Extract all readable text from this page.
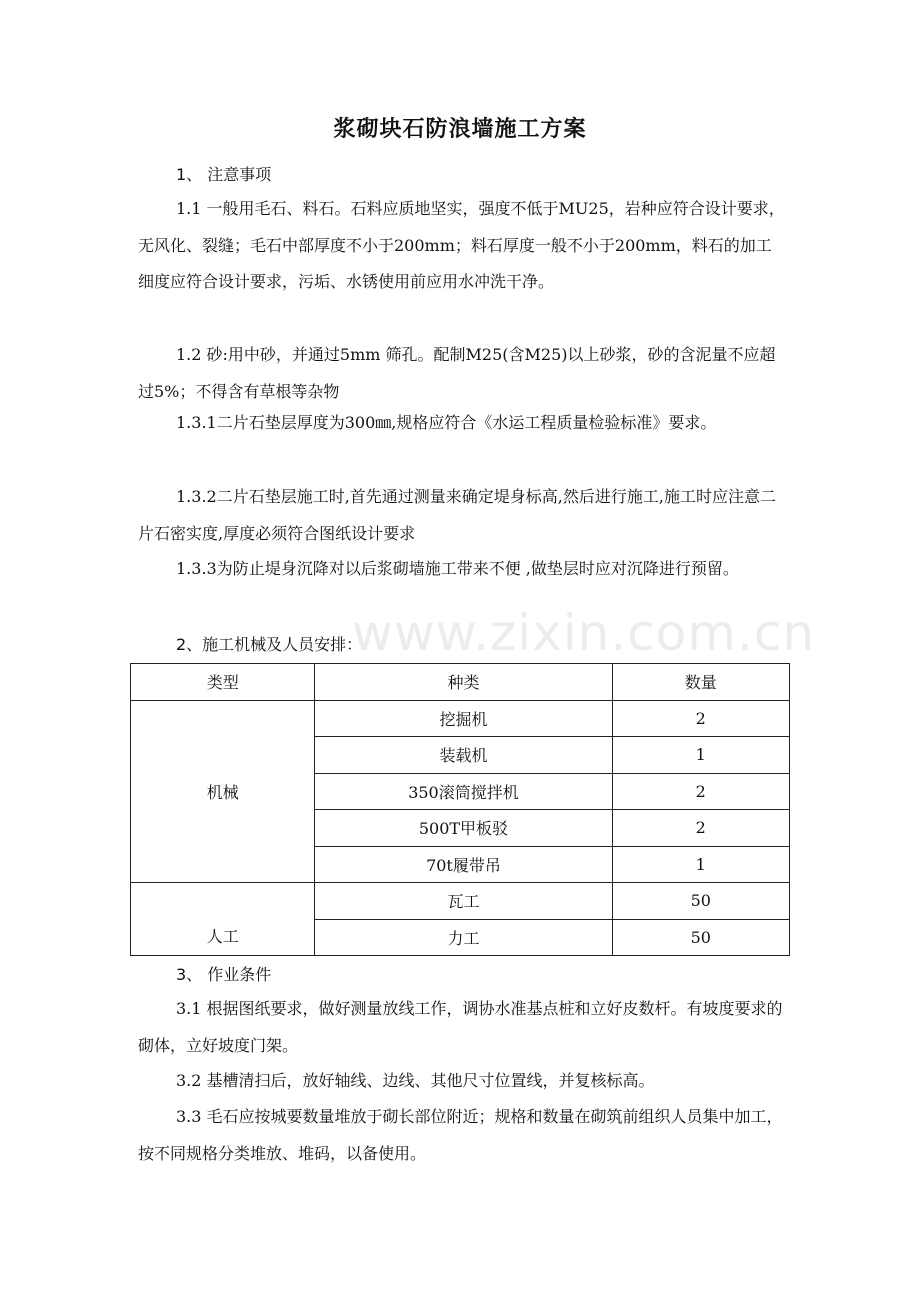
浆砌块石防浪墙施工方案
1、 注意事项

1.1 一般用毛石、料石。石料应质地坚实，强度不低于MU25，岩种应符合设计要求，无风化、裂缝；毛石中部厚度不小于200mm；料石厚度一般不小于200mm，料石的加工细度应符合设计要求，污垢、水锈使用前应用水冲洗干净。

1.2 砂:用中砂，并通过5mm 筛孔。配制M25(含M25)以上砂浆，砂的含泥量不应超过5%；不得含有草根等杂物

1.3.1二片石垫层厚度为300㎜,规格应符合《水运工程质量检验标准》要求。

1.3.2二片石垫层施工时,首先通过测量来确定堤身标高,然后进行施工,施工时应注意二片石密实度,厚度必须符合图纸设计要求

1.3.3为防止堤身沉降对以后浆砌墙施工带来不便 ,做垫层时应对沉降进行预留。

www.zixin.com.cn
2、施工机械及人员安排：
类型	种类	数量
机械	挖掘机	2
	装载机	1
	350滚筒搅拌机	2
	500T甲板驳	2
	70t履带吊	1
人工	瓦工	50
	力工	50
3、 作业条件

3.1 根据图纸要求，做好测量放线工作，调协水准基点桩和立好皮数杆。有坡度要求的砌体，立好坡度门架。

3.2 基槽清扫后，放好轴线、边线、其他尺寸位置线，并复核标高。

3.3 毛石应按城要数量堆放于砌长部位附近；规格和数量在砌筑前组织人员集中加工，按不同规格分类堆放、堆码，以备使用。
